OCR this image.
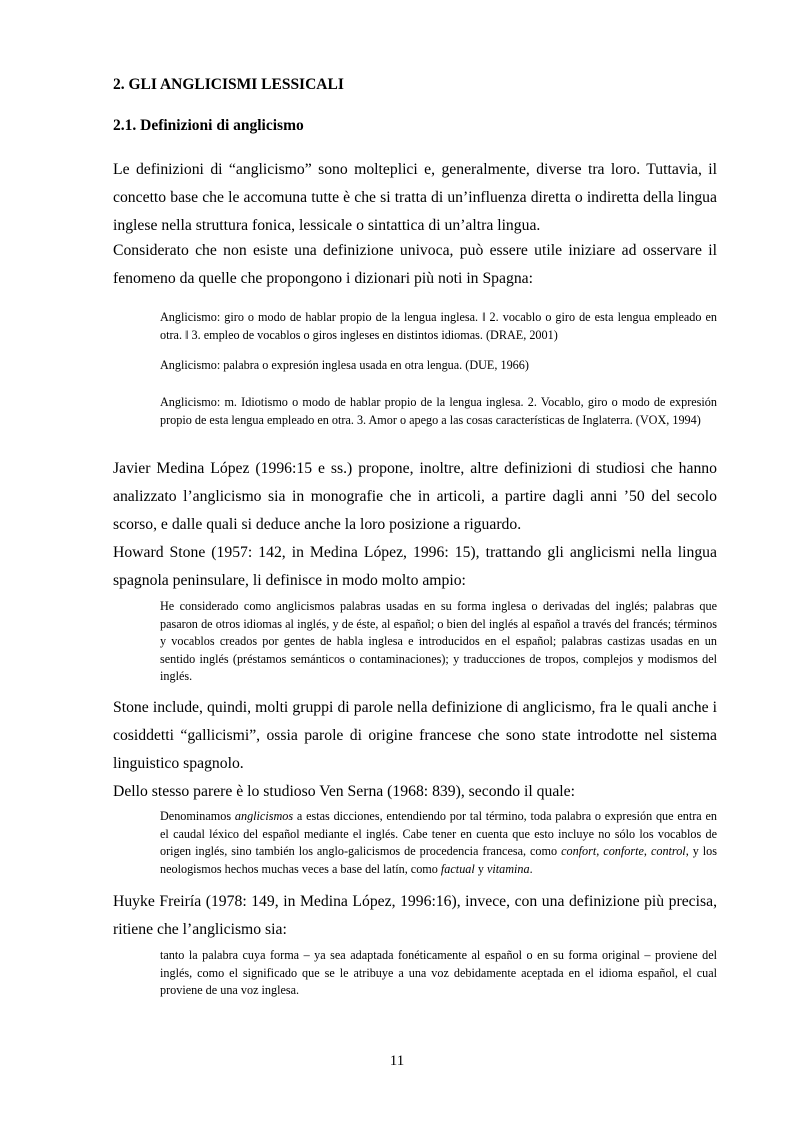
2. GLI ANGLICISMI LESSICALI
2.1. Definizioni di anglicismo

Le definizioni di “anglicismo” sono molteplici e, generalmente, diverse tra loro. Tuttavia, il concetto base che le accomuna tutte è che si tratta di un’influenza diretta o indiretta della lingua inglese nella struttura fonica, lessicale o sintattica di un’altra lingua.

Considerato che non esiste una definizione univoca, può essere utile iniziare ad osservare il fenomeno da quelle che propongono i dizionari più noti in Spagna:

Anglicismo: giro o modo de hablar propio de la lengua inglesa. ǁ 2. vocablo o giro de esta lengua empleado en otra. ǁ 3. empleo de vocablos o giros ingleses en distintos idiomas. (DRAE, 2001)

Anglicismo: palabra o expresión inglesa usada en otra lengua. (DUE, 1966)

Anglicismo: m. Idiotismo o modo de hablar propio de la lengua inglesa. 2. Vocablo, giro o modo de expresión propio de esta lengua empleado en otra. 3. Amor o apego a las cosas características de Inglaterra. (VOX, 1994)

Javier Medina López (1996:15 e ss.) propone, inoltre, altre definizioni di studiosi che hanno analizzato l’anglicismo sia in monografie che in articoli, a partire dagli anni ’50 del secolo scorso, e dalle quali si deduce anche la loro posizione a riguardo.

Howard Stone (1957: 142, in Medina López, 1996: 15), trattando gli anglicismi nella lingua spagnola peninsulare, li definisce in modo molto ampio:

He considerado como anglicismos palabras usadas en su forma inglesa o derivadas del inglés; palabras que pasaron de otros idiomas al inglés, y de éste, al español; o bien del inglés al español a través del francés; términos y vocablos creados por gentes de habla inglesa e introducidos en el español; palabras castizas usadas en un sentido inglés (préstamos semánticos o contaminaciones); y traducciones de tropos, complejos y modismos del inglés.

Stone include, quindi, molti gruppi di parole nella definizione di anglicismo, fra le quali anche i cosiddetti “gallicismi”, ossia parole di origine francese che sono state introdotte nel sistema linguistico spagnolo.

Dello stesso parere è lo studioso Ven Serna (1968: 839), secondo il quale:

Denominamos anglicismos a estas dicciones, entendiendo por tal término, toda palabra o expresión que entra en el caudal léxico del español mediante el inglés. Cabe tener en cuenta que esto incluye no sólo los vocablos de origen inglés, sino también los anglo-galicismos de procedencia francesa, como confort, conforte, control, y los neologismos hechos muchas veces a base del latín, como factual y vitamina.

Huyke Freiría (1978: 149, in Medina López, 1996:16), invece, con una definizione più precisa, ritiene che l’anglicismo sia:

tanto la palabra cuya forma – ya sea adaptada fonéticamente al español o en su forma original – proviene del inglés, como el significado que se le atribuye a una voz debidamente aceptada en el idioma español, el cual proviene de una voz inglesa.

11
